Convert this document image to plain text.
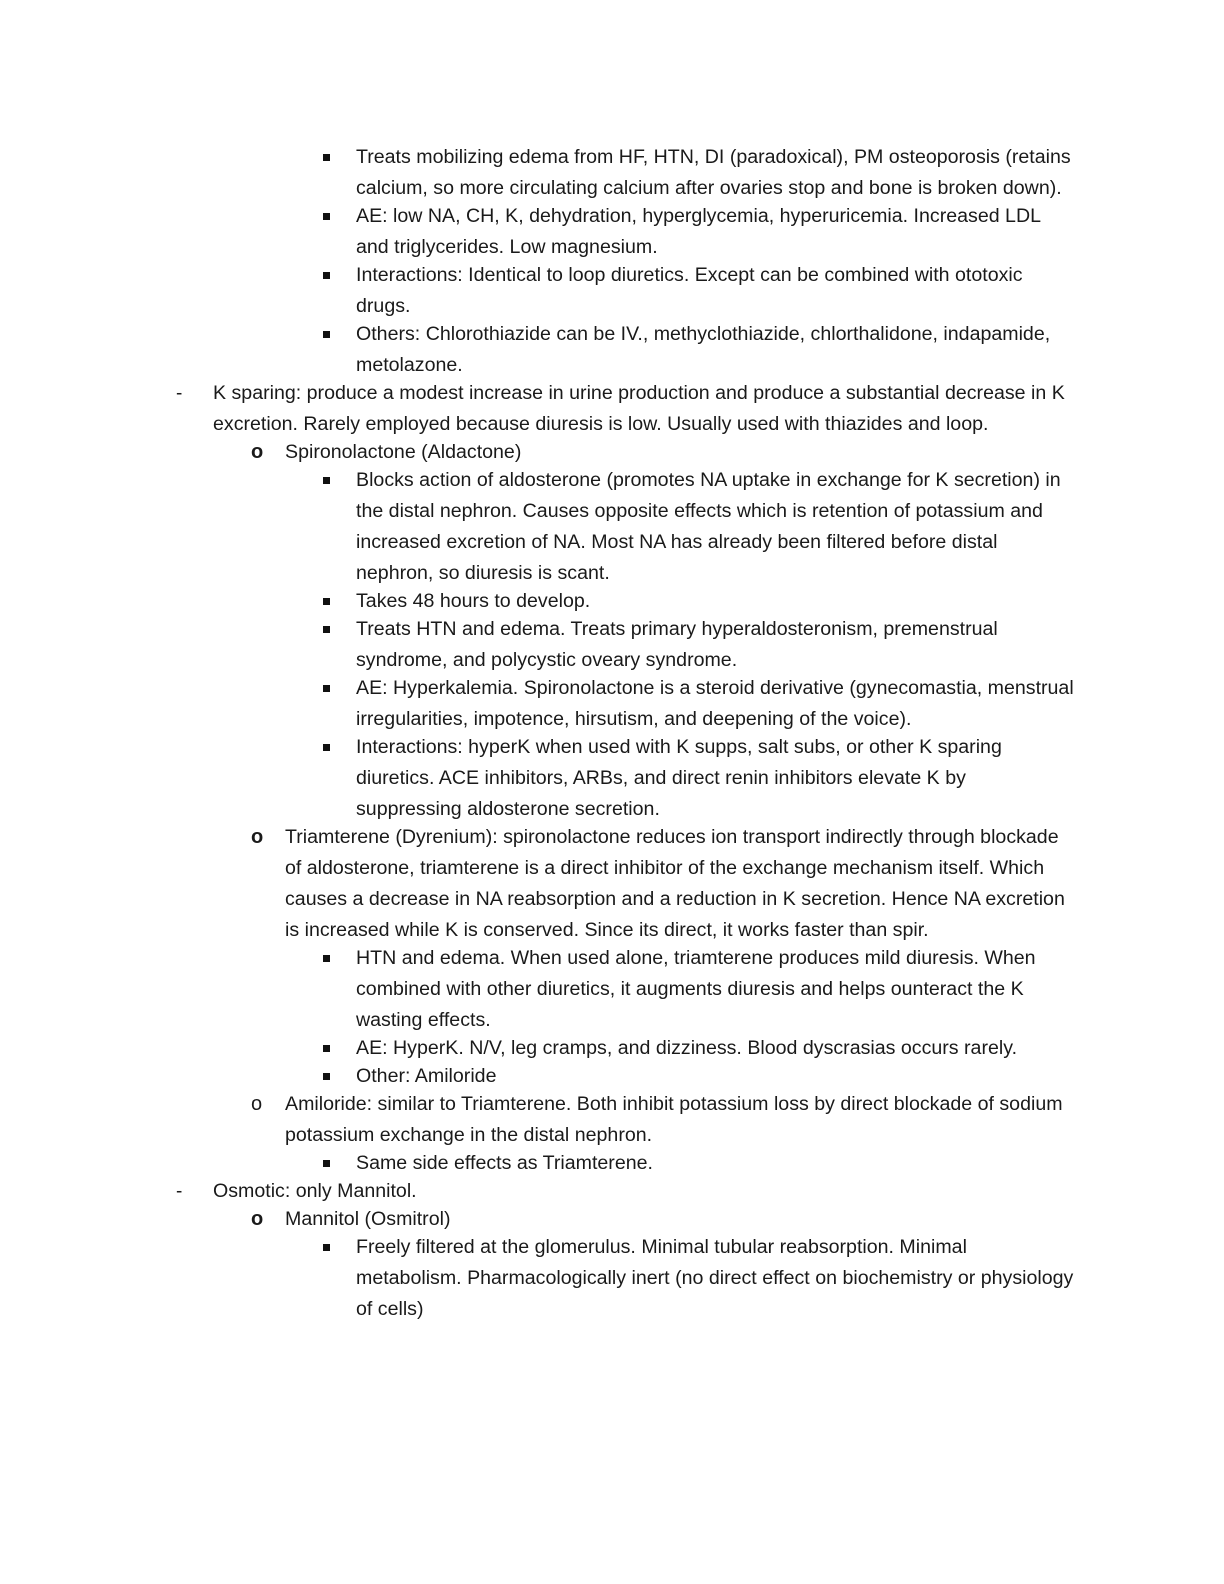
Treats mobilizing edema from HF, HTN, DI (paradoxical), PM osteoporosis (retains calcium, so more circulating calcium after ovaries stop and bone is broken down).
AE: low NA, CH, K, dehydration, hyperglycemia, hyperuricemia. Increased LDL and triglycerides. Low magnesium.
Interactions: Identical to loop diuretics. Except can be combined with ototoxic drugs.
Others: Chlorothiazide can be IV., methyclothiazide, chlorthalidone, indapamide, metolazone.
- K sparing: produce a modest increase in urine production and produce a substantial decrease in K excretion. Rarely employed because diuresis is low. Usually used with thiazides and loop.
o Spironolactone (Aldactone)
Blocks action of aldosterone (promotes NA uptake in exchange for K secretion) in the distal nephron. Causes opposite effects which is retention of potassium and increased excretion of NA. Most NA has already been filtered before distal nephron, so diuresis is scant.
Takes 48 hours to develop.
Treats HTN and edema. Treats primary hyperaldosteronism, premenstrual syndrome, and polycystic oveary syndrome.
AE: Hyperkalemia. Spironolactone is a steroid derivative (gynecomastia, menstrual irregularities, impotence, hirsutism, and deepening of the voice).
Interactions: hyperK when used with K supps, salt subs, or other K sparing diuretics. ACE inhibitors, ARBs, and direct renin inhibitors elevate K by suppressing aldosterone secretion.
o Triamterene (Dyrenium): spironolactone reduces ion transport indirectly through blockade of aldosterone, triamterene is a direct inhibitor of the exchange mechanism itself. Which causes a decrease in NA reabsorption and a reduction in K secretion. Hence NA excretion is increased while K is conserved. Since its direct, it works faster than spir.
HTN and edema. When used alone, triamterene produces mild diuresis. When combined with other diuretics, it augments diuresis and helps ounteract the K wasting effects.
AE: HyperK. N/V, leg cramps, and dizziness. Blood dyscrasias occurs rarely.
Other: Amiloride
o Amiloride: similar to Triamterene. Both inhibit potassium loss by direct blockade of sodium potassium exchange in the distal nephron.
Same side effects as Triamterene.
- Osmotic: only Mannitol.
o Mannitol (Osmitrol)
Freely filtered at the glomerulus. Minimal tubular reabsorption. Minimal metabolism. Pharmacologically inert (no direct effect on biochemistry or physiology of cells)
